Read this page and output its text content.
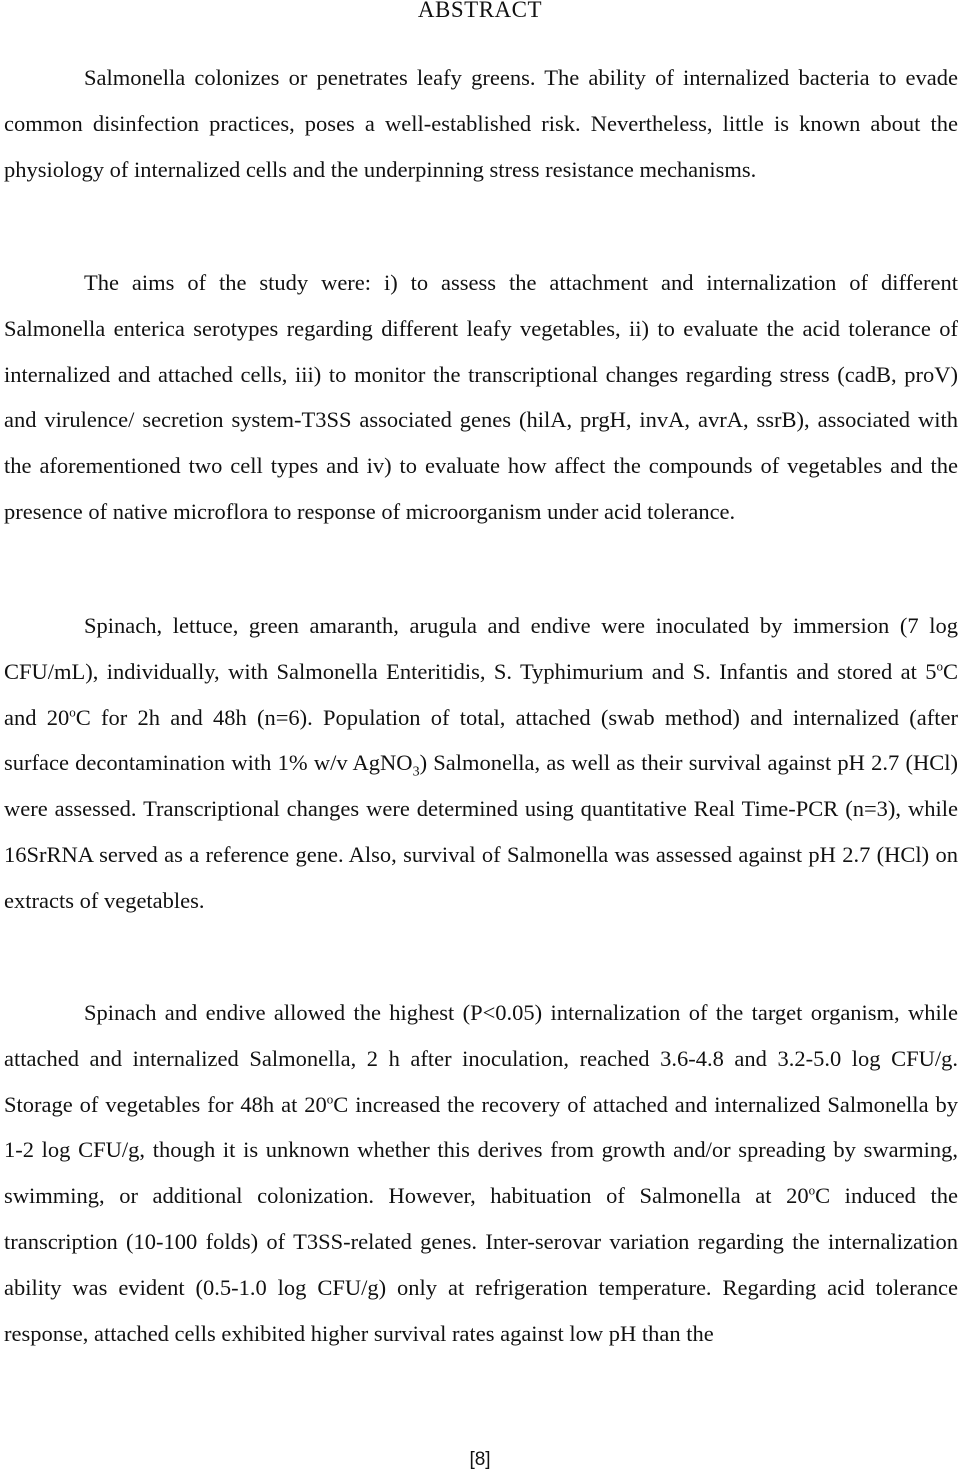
ABSTRACT

Salmonella colonizes or penetrates leafy greens. The ability of internalized bacteria to evade common disinfection practices, poses a well-established risk. Nevertheless, little is known about the physiology of internalized cells and the underpinning stress resistance mechanisms.

The aims of the study were: i) to assess the attachment and internalization of different Salmonella enterica serotypes regarding different leafy vegetables, ii) to evaluate the acid tolerance of internalized and attached cells, iii) to monitor the transcriptional changes regarding stress (cadB, proV) and virulence/ secretion system-T3SS associated genes (hilA, prgH, invA, avrA, ssrB), associated with the aforementioned two cell types and iv) to evaluate how affect the compounds of vegetables and the presence of native microflora to response of microorganism under acid tolerance.

Spinach, lettuce, green amaranth, arugula and endive were inoculated by immersion (7 log CFU/mL), individually, with Salmonella Enteritidis, S. Typhimurium and S. Infantis and stored at 5$^o$C and 20$^o$C for 2h and 48h (n=6). Population of total, attached (swab method) and internalized (after surface decontamination with 1% w/v AgNO$_3$) Salmonella, as well as their survival against pH 2.7 (HCl) were assessed. Transcriptional changes were determined using quantitative Real Time-PCR (n=3), while 16SrRNA served as a reference gene. Also, survival of Salmonella was assessed against pH 2.7 (HCl) on extracts of vegetables.

Spinach and endive allowed the highest (P<0.05) internalization of the target organism, while attached and internalized Salmonella, 2 h after inoculation, reached 3.6-4.8 and 3.2-5.0 log CFU/g. Storage of vegetables for 48h at 20$^o$C increased the recovery of attached and internalized Salmonella by 1-2 log CFU/g, though it is unknown whether this derives from growth and/or spreading by swarming, swimming, or additional colonization. However, habituation of Salmonella at 20$^o$C induced the transcription (10-100 folds) of T3SS-related genes. Inter-serovar variation regarding the internalization ability was evident (0.5-1.0 log CFU/g) only at refrigeration temperature. Regarding acid tolerance response, attached cells exhibited higher survival rates against low pH than the

[8]
